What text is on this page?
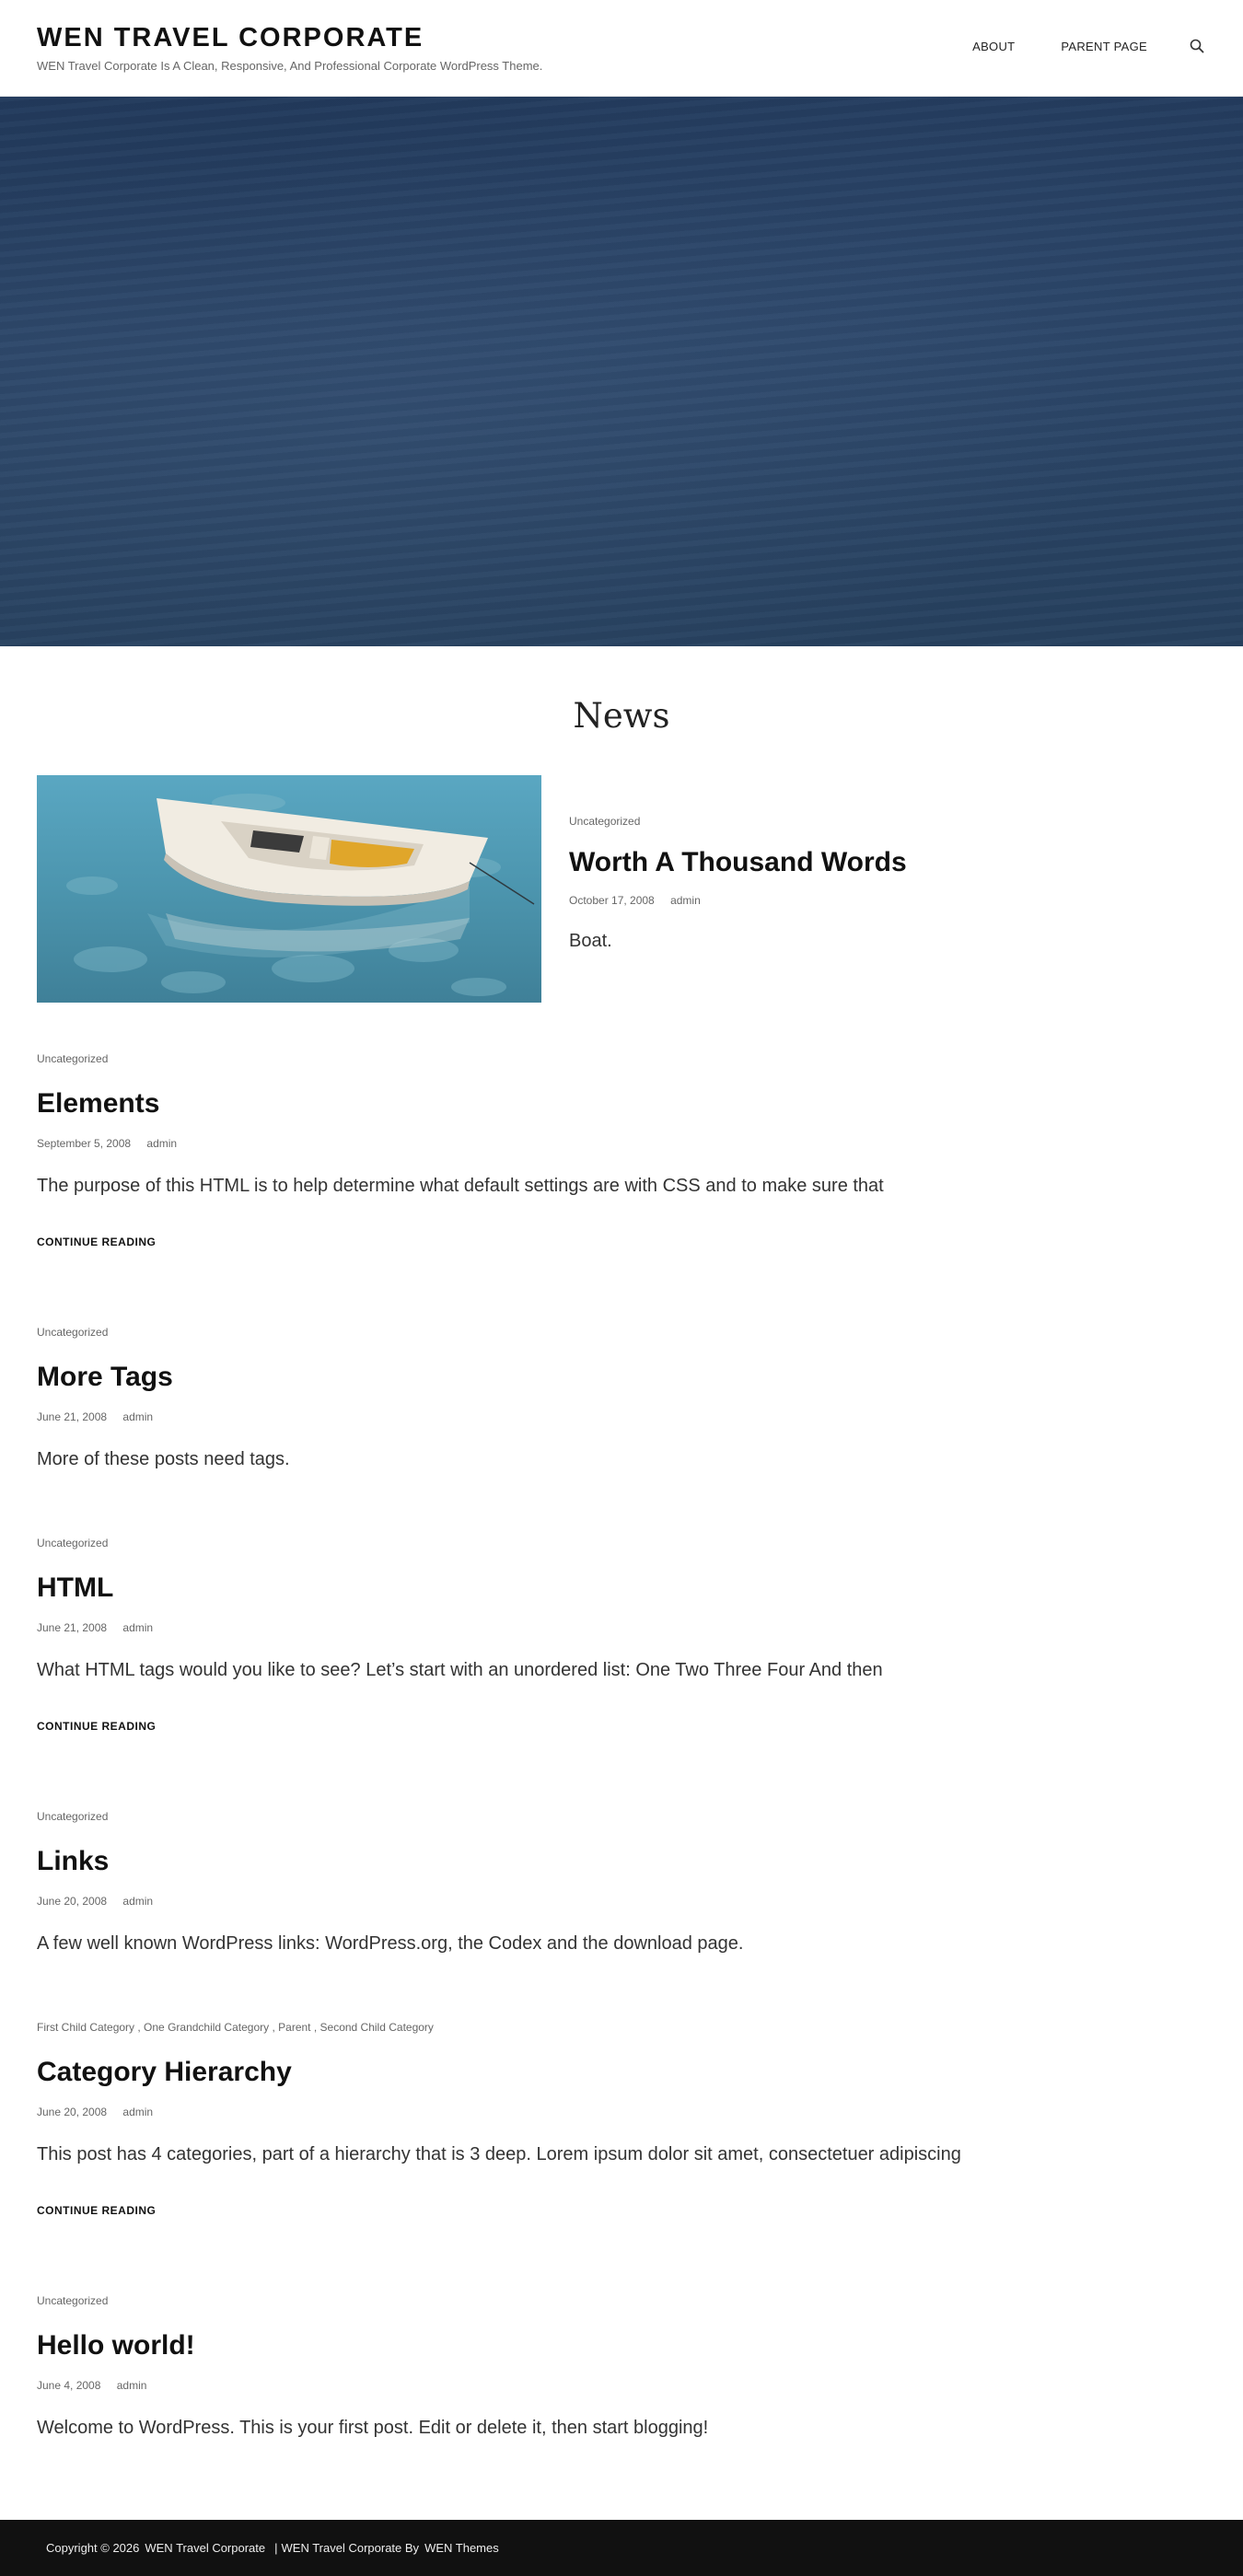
WEN TRAVEL CORPORATE

WEN Travel Corporate Is A Clean, Responsive, And Professional Corporate WordPress Theme.

ABOUT	PARENT PAGE
News
Uncategorized
Worth A Thousand Words
October 17, 2008 admin

Boat.

Uncategorized
Elements
September 5, 2008 admin

The purpose of this HTML is to help determine what default settings are with CSS and to make sure that

CONTINUE READING
Uncategorized
More Tags
June 21, 2008 admin

More of these posts need tags.

Uncategorized
HTML
June 21, 2008 admin

What HTML tags would you like to see? Let’s start with an unordered list: One Two Three Four And then

CONTINUE READING
Uncategorized
Links
June 20, 2008 admin

A few well known WordPress links: WordPress.org, the Codex and the download page.

First Child Category , One Grandchild Category , Parent , Second Child Category
Category Hierarchy
June 20, 2008 admin

This post has 4 categories, part of a hierarchy that is 3 deep. Lorem ipsum dolor sit amet, consectetuer adipiscing

CONTINUE READING
Uncategorized
Hello world!
June 4, 2008 admin

Welcome to WordPress. This is your first post. Edit or delete it, then start blogging!

Copyright © 2026 WEN Travel Corporate | WEN Travel Corporate By WEN Themes
